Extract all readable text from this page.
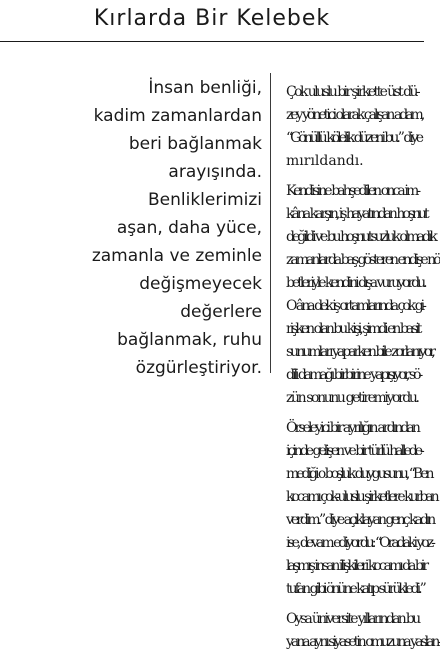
Kırlarda Bir Kelebek
İnsan benliği,
kadim zamanlardan
beri bağlanmak
arayışında.
Benliklerimizi
aşan, daha yüce,
zamanla ve zeminle
değişmeyecek
değerlere
bağlanmak, ruhu
özgürleştiriyor.
Çok uluslu bir şirkette üst dü-
zey yönetici olarak çalışan adam,
“Gönüllü kölelik düzeni bu.” diye
mırıldandı.
Kendisine bahşedilen onca im-
kâna karşın, iş hayatından hoşnut
değildi ve bu hoşnutsuzluk olmadık
zamanlarda baş gösteren endişe nö-
betleriyle kendini dışa vuruyordu.
O âna dek iş ortamlarında çok gi-
rişken olan bu kişi, şimdi en basit
sunumları yaparken bile zorlanıyor,
dili damağı birbirine yapışıyor, sö-
zün sonunu getiremiyordu.
Örseleyici bir ayrılığın ardından
içinde gelişen ve bir türlü hallede-
mediği o boşluk duygusunu, “Ben
kocamı çok-uluslu şirketlere kurban
verdim.” diye açıklayan genç kadın
ise, devam ediyordu: “Oradaki yoz-
laşmış insan ilişkileri kocamı da bir
tufan gibi önüne katıp sürükledi.”
Oysa üniversite yıllarından bu
yana aynı siyasetin omuzuna yaslan-
